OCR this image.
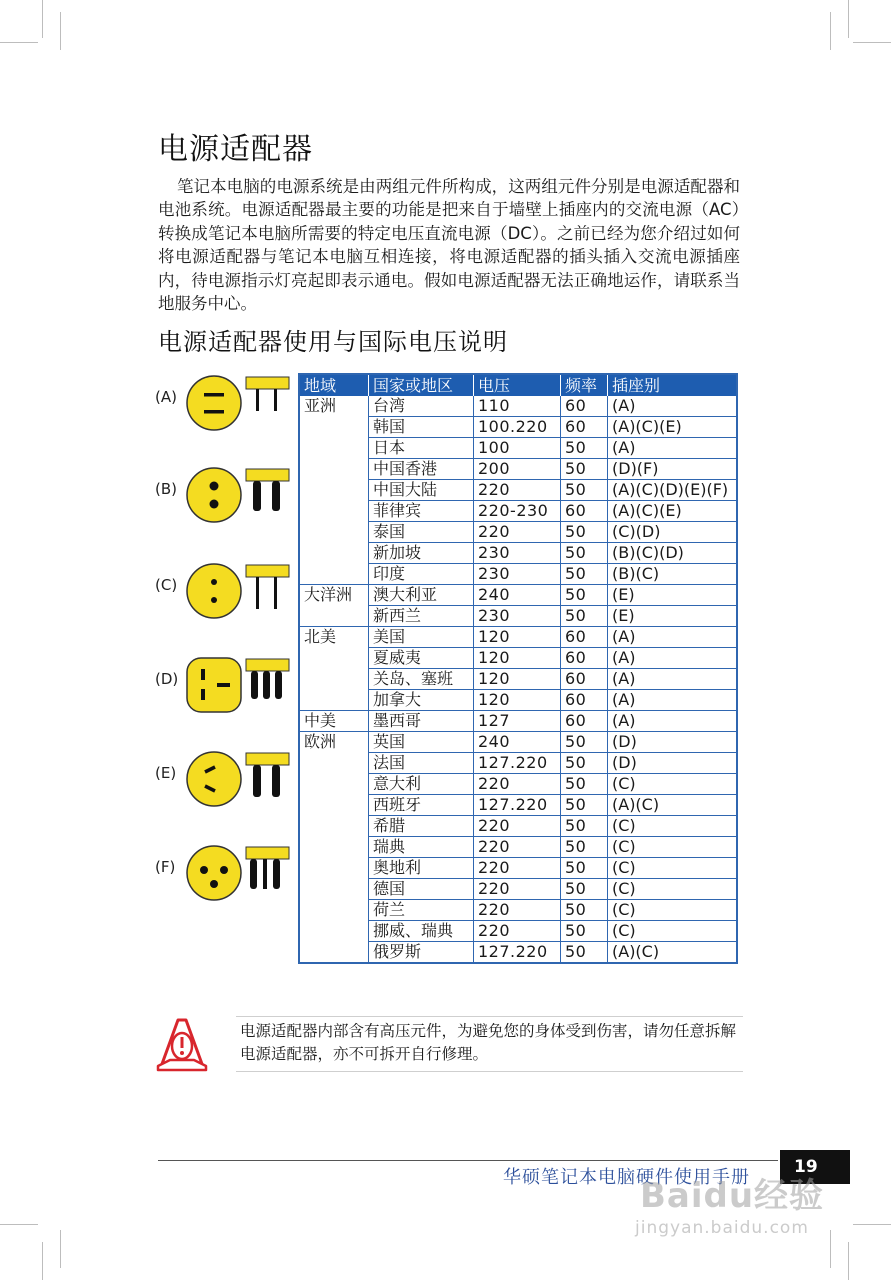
电源适配器

笔记本电脑的电源系统是由两组元件所构成，这两组元件分别是电源适配器和电池系统。电源适配器最主要的功能是把来自于墙壁上插座内的交流电源（AC）转换成笔记本电脑所需要的特定电压直流电源（DC）。之前已经为您介绍过如何将电源适配器与笔记本电脑互相连接，将电源适配器的插头插入交流电源插座内，待电源指示灯亮起即表示通电。假如电源适配器无法正确地运作，请联系当地服务中心。

电源适配器使用与国际电压说明
(A)
(B)
(C)
(D)
(E)
(F)
地域	国家或地区	电压	频率	插座别
亚洲	台湾	110	60	(A)
	韩国	100.220	60	(A)(C)(E)
	日本	100	50	(A)
	中国香港	200	50	(D)(F)
	中国大陆	220	50	(A)(C)(D)(E)(F)
	菲律宾	220-230	60	(A)(C)(E)
	泰国	220	50	(C)(D)
	新加坡	230	50	(B)(C)(D)
	印度	230	50	(B)(C)
大洋洲	澳大利亚	240	50	(E)
	新西兰	230	50	(E)
北美	美国	120	60	(A)
	夏威夷	120	60	(A)
	关岛、塞班	120	60	(A)
	加拿大	120	60	(A)
中美	墨西哥	127	60	(A)
欧洲	英国	240	50	(D)
	法国	127.220	50	(D)
	意大利	220	50	(C)
	西班牙	127.220	50	(A)(C)
	希腊	220	50	(C)
	瑞典	220	50	(C)
	奥地利	220	50	(C)
	德国	220	50	(C)
	荷兰	220	50	(C)
	挪威、瑞典	220	50	(C)
	俄罗斯	127.220	50	(A)(C)

电源适配器内部含有高压元件，为避免您的身体受到伤害，请勿任意拆解电源适配器，亦不可拆开自行修理。

华硕笔记本电脑硬件使用手册	19
Baidu经验
jingyan.baidu.com
